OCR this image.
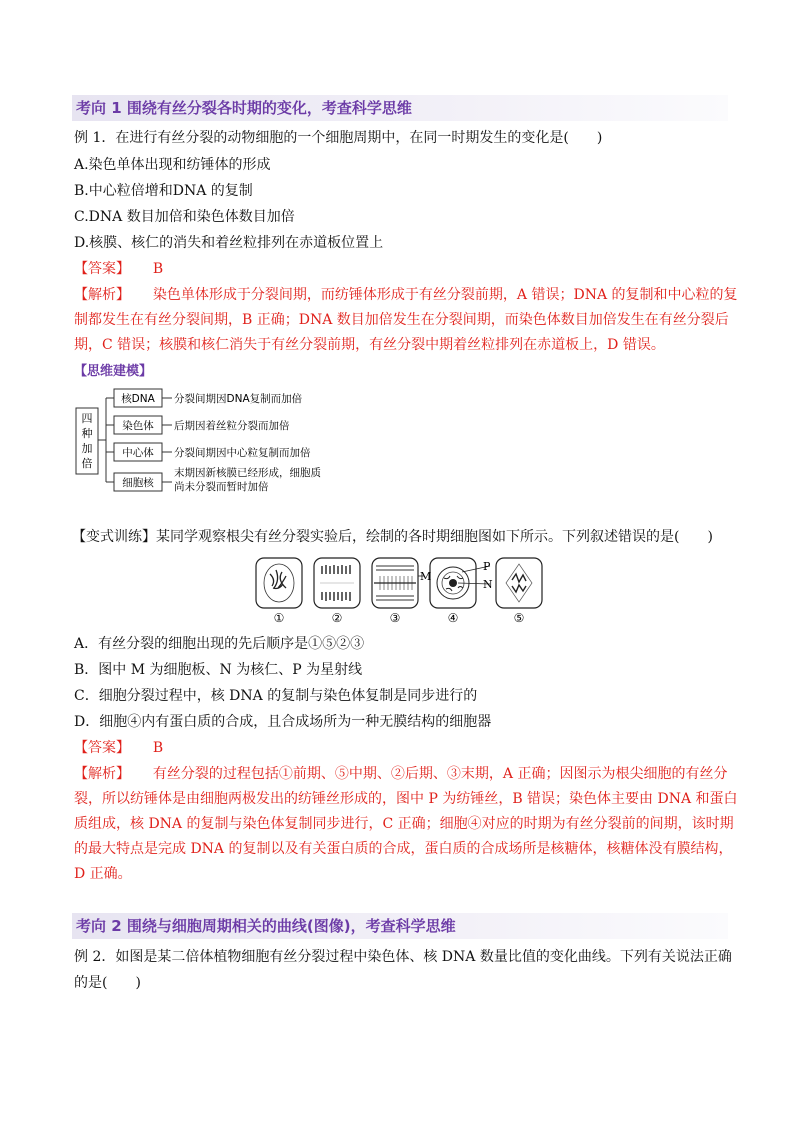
考向 1 围绕有丝分裂各时期的变化，考查科学思维
例 1．在进行有丝分裂的动物细胞的一个细胞周期中，在同一时期发生的变化是(　　)
A.染色单体出现和纺锤体的形成
B.中心粒倍增和DNA 的复制
C.DNA 数目加倍和染色体数目加倍
D.核膜、核仁的消失和着丝粒排列在赤道板位置上
【答案】 B
【解析】 染色单体形成于分裂间期，而纺锤体形成于有丝分裂前期，A 错误；DNA 的复制和中心粒的复
制都发生在有丝分裂间期，B 正确；DNA 数目加倍发生在分裂间期，而染色体数目加倍发生在有丝分裂后
期，C 错误；核膜和核仁消失于有丝分裂前期，有丝分裂中期着丝粒排列在赤道板上，D 错误。
【思维建模】
四
种
加
倍
核DNA 分裂间期因DNA复制而加倍
染色体 后期因着丝粒分裂而加倍
中心体 分裂间期因中心粒复制而加倍
细胞核
末期因新核膜已经形成，细胞质
尚未分裂而暂时加倍
【变式训练】某同学观察根尖有丝分裂实验后，绘制的各时期细胞图如下所示。下列叙述错误的是(　　)
M
N
P
①	②	③	④	⑤
A．有丝分裂的细胞出现的先后顺序是①⑤②③
B．图中 M 为细胞板、N 为核仁、P 为星射线
C．细胞分裂过程中，核 DNA 的复制与染色体复制是同步进行的
D．细胞④内有蛋白质的合成，且合成场所为一种无膜结构的细胞器
【答案】 B
【解析】 有丝分裂的过程包括①前期、⑤中期、②后期、③末期，A 正确；因图示为根尖细胞的有丝分
裂，所以纺锤体是由细胞两极发出的纺锤丝形成的，图中 P 为纺锤丝，B 错误；染色体主要由 DNA 和蛋白
质组成，核 DNA 的复制与染色体复制同步进行，C 正确；细胞④对应的时期为有丝分裂前的间期，该时期
的最大特点是完成 DNA 的复制以及有关蛋白质的合成，蛋白质的合成场所是核糖体，核糖体没有膜结构，
D 正确。
考向 2 围绕与细胞周期相关的曲线(图像)，考查科学思维
例 2．如图是某二倍体植物细胞有丝分裂过程中染色体、核 DNA 数量比值的变化曲线。下列有关说法正确
的是(　　)
